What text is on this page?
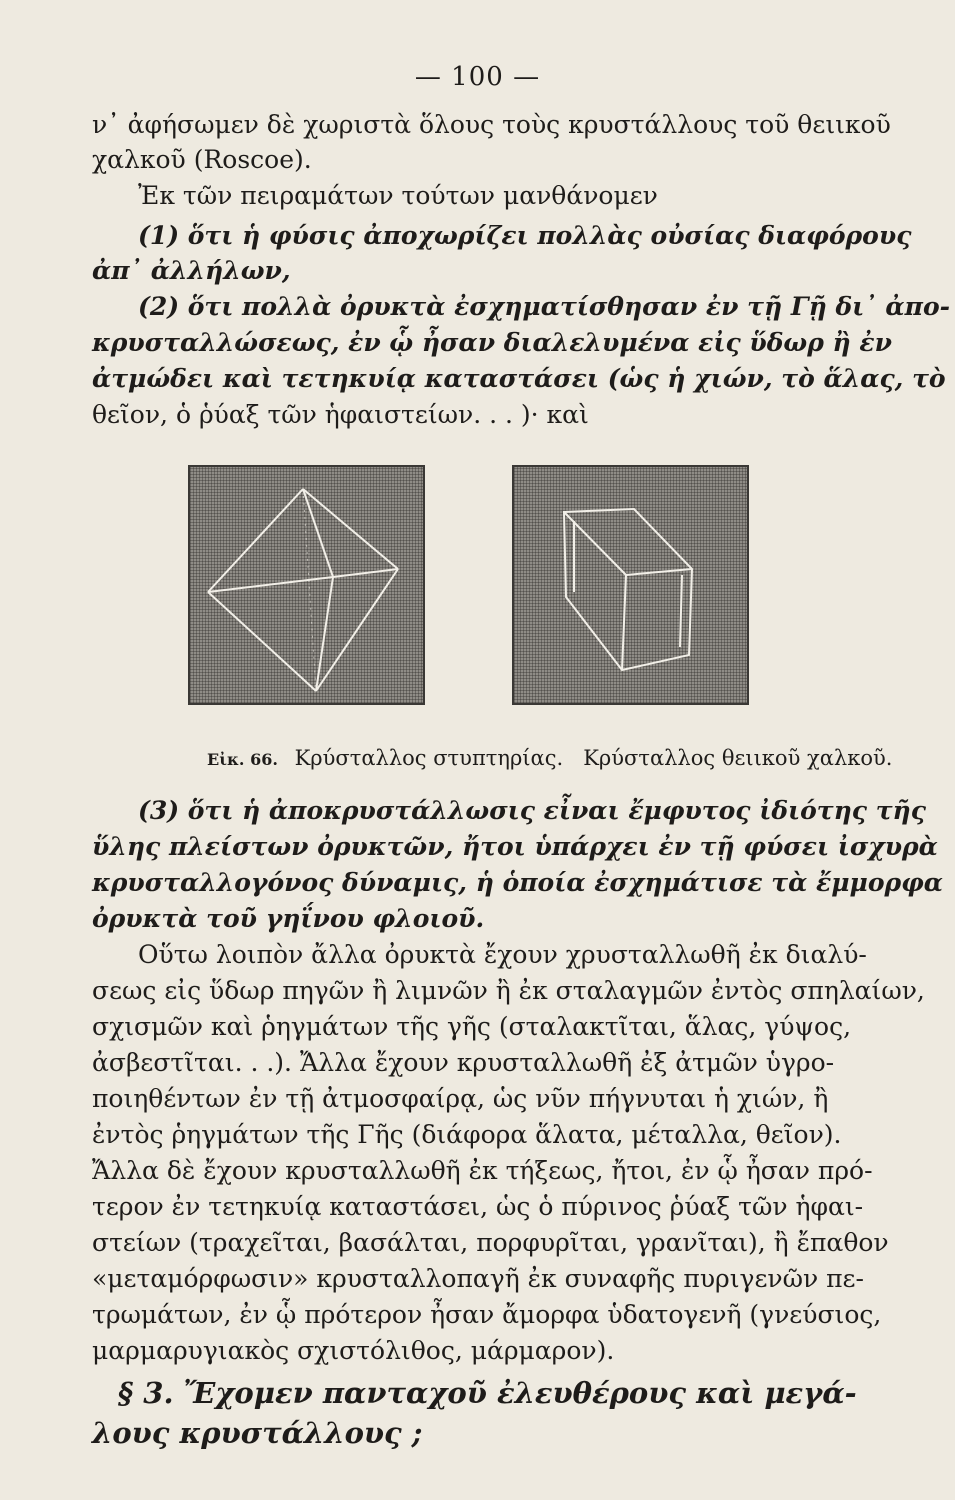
— 100 —
ν᾽ ἀφήσωμεν δὲ χωριστὰ ὅλους τοὺς κρυστάλλους τοῦ θειικοῦ
χαλκοῦ (Roscoe).
Ἐκ τῶν πειραμάτων τούτων μανθάνομεν
(1) ὅτι ἡ φύσις ἀποχωρίζει πολλὰς οὐσίας διαφόρους
ἀπ᾽ ἀλλήλων,
(2) ὅτι πολλὰ ὀρυκτὰ ἐσχηματίσθησαν ἐν τῇ Γῇ δι᾽ ἀπο-
κρυσταλλώσεως, ἐν ᾧ ἦσαν διαλελυμένα εἰς ὕδωρ ἢ ἐν
ἀτμώδει καὶ τετηκυίᾳ καταστάσει (ὡς ἡ χιών, τὸ ἅλας, τὸ
θεῖον, ὁ ῥύαξ τῶν ἡφαιστείων. . . )· καὶ
Εἰκ. 66. Κρύσταλλος στυπτηρίας. Κρύσταλλος θειικοῦ χαλκοῦ.
(3) ὅτι ἡ ἀποκρυστάλλωσις εἶναι ἔμφυτος ἰδιότης τῆς
ὕλης πλείστων ὀρυκτῶν, ἤτοι ὑπάρχει ἐν τῇ φύσει ἰσχυρὰ
κρυσταλλογόνος δύναμις, ἡ ὁποία ἐσχημάτισε τὰ ἔμμορφα
ὀρυκτὰ τοῦ γηΐνου φλοιοῦ.
Οὕτω λοιπὸν ἄλλα ὀρυκτὰ ἔχουν χρυσταλλωθῆ ἐκ διαλύ-
σεως εἰς ὕδωρ πηγῶν ἢ λιμνῶν ἢ ἐκ σταλαγμῶν ἐντὸς σπηλαίων,
σχισμῶν καὶ ῥηγμάτων τῆς γῆς (σταλακτῖται, ἅλας, γύψος,
ἀσβεστῖται. . .). Ἄλλα ἔχουν κρυσταλλωθῆ ἐξ ἀτμῶν ὑγρο-
ποιηθέντων ἐν τῇ ἀτμοσφαίρᾳ, ὡς νῦν πήγνυται ἡ χιών, ἢ
ἐντὸς ῥηγμάτων τῆς Γῆς (διάφορα ἅλατα, μέταλλα, θεῖον).
Ἄλλα δὲ ἔχουν κρυσταλλωθῆ ἐκ τήξεως, ἤτοι, ἐν ᾧ ἦσαν πρό-
τερον ἐν τετηκυίᾳ καταστάσει, ὡς ὁ πύρινος ῥύαξ τῶν ἡφαι-
στείων (τραχεῖται, βασάλται, πορφυρῖται, γρανῖται), ἢ ἔπαθον
«μεταμόρφωσιν» κρυσταλλοπαγῆ ἐκ συναφῆς πυριγενῶν πε-
τρωμάτων, ἐν ᾧ πρότερον ἦσαν ἄμορφα ὑδατογενῆ (γνεύσιος,
μαρμαρυγιακὸς σχιστόλιθος, μάρμαρον).
§ 3. Ἔχομεν πανταχοῦ ἐλευθέρους καὶ μεγά-
λους κρυστάλλους ;
